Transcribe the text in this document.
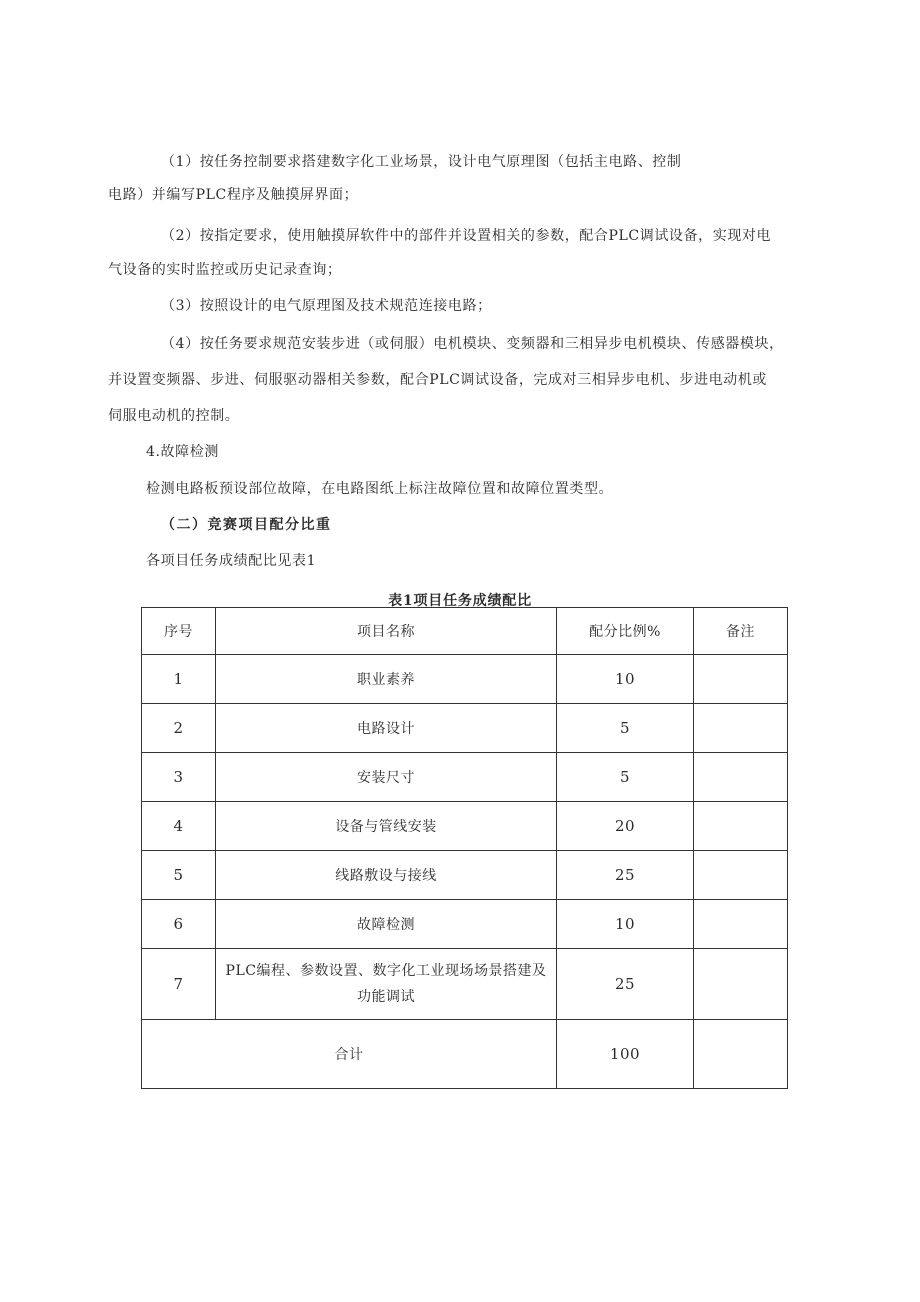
（1）按任务控制要求搭建数字化工业场景，设计电气原理图（包括主电路、控制
电路）并编写PLC程序及触摸屏界面；
（2）按指定要求，使用触摸屏软件中的部件并设置相关的参数，配合PLC调试设备，实现对电
气设备的实时监控或历史记录查询；
（3）按照设计的电气原理图及技术规范连接电路；
（4）按任务要求规范安装步进（或伺服）电机模块、变频器和三相异步电机模块、传感器模块，
并设置变频器、步进、伺服驱动器相关参数，配合PLC调试设备，完成对三相异步电机、步进电动机或
伺服电动机的控制。
4.故障检测
检测电路板预设部位故障，在电路图纸上标注故障位置和故障位置类型。
（二）竞赛项目配分比重
各项目任务成绩配比见表1
表1项目任务成绩配比
序号	项目名称	配分比例%	备注
1	职业素养	10	
2	电路设计	5	
3	安装尺寸	5	
4	设备与管线安装	20	
5	线路敷设与接线	25	
6	故障检测	10	
7	PLC编程、参数设置、数字化工业现场场景搭建及
功能调试	25	
合计		100	
